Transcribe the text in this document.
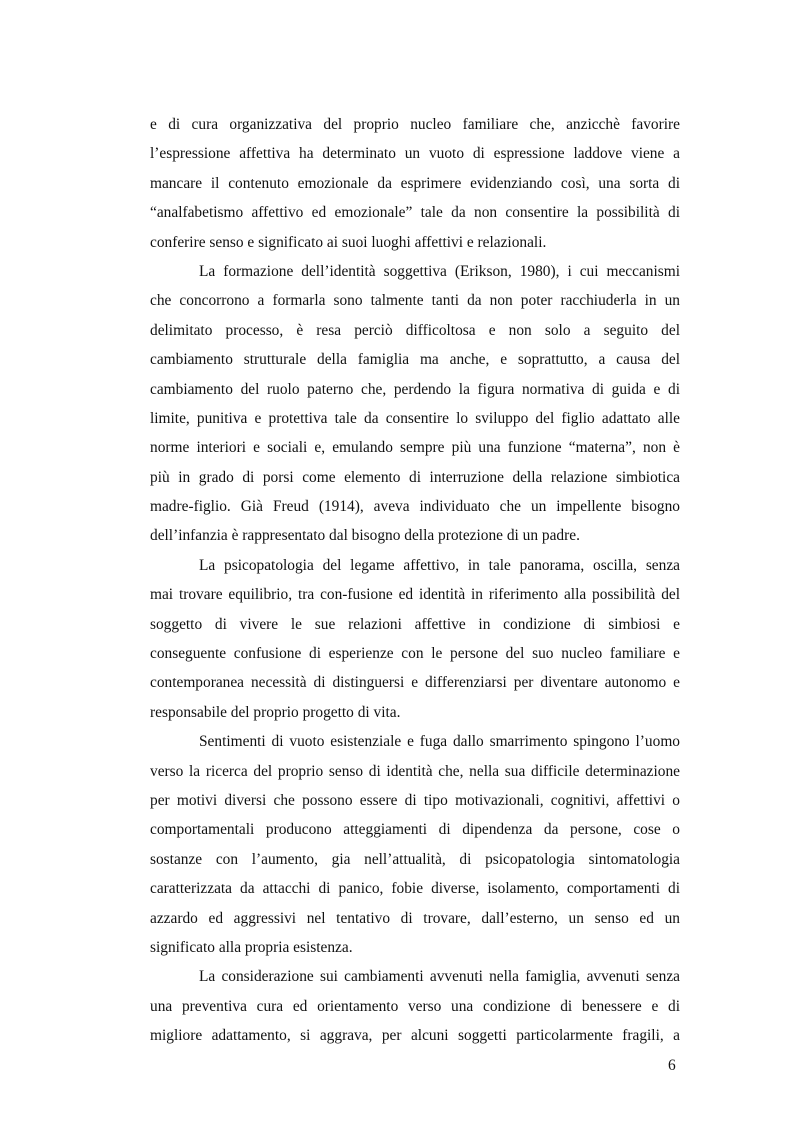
e di cura organizzativa del proprio nucleo familiare che, anzicchè favorire
l’espressione affettiva ha determinato un vuoto di espressione laddove viene a
mancare il contenuto emozionale da esprimere evidenziando così, una sorta di
“analfabetismo affettivo ed emozionale” tale da non consentire la possibilità di
conferire senso e significato ai suoi luoghi affettivi e relazionali.
La formazione dell’identità soggettiva (Erikson, 1980), i cui meccanismi
che concorrono a formarla sono talmente tanti da non poter racchiuderla in un
delimitato processo, è resa perciò difficoltosa e non solo a seguito del
cambiamento strutturale della famiglia ma anche, e soprattutto, a causa del
cambiamento del ruolo paterno che, perdendo la figura normativa di guida e di
limite, punitiva e protettiva tale da consentire lo sviluppo del figlio adattato alle
norme interiori e sociali e, emulando sempre più una funzione “materna”, non è
più in grado di porsi come elemento di interruzione della relazione simbiotica
madre-figlio. Già Freud (1914), aveva individuato che un impellente bisogno
dell’infanzia è rappresentato dal bisogno della protezione di un padre.
La psicopatologia del legame affettivo, in tale panorama, oscilla, senza
mai trovare equilibrio, tra con-fusione ed identità in riferimento alla possibilità del
soggetto di vivere le sue relazioni affettive in condizione di simbiosi e
conseguente confusione di esperienze con le persone del suo nucleo familiare e
contemporanea necessità di distinguersi e differenziarsi per diventare autonomo e
responsabile del proprio progetto di vita.
Sentimenti di vuoto esistenziale e fuga dallo smarrimento spingono l’uomo
verso la ricerca del proprio senso di identità che, nella sua difficile determinazione
per motivi diversi che possono essere di tipo motivazionali, cognitivi, affettivi o
comportamentali producono atteggiamenti di dipendenza da persone, cose o
sostanze con l’aumento, gia nell’attualità, di psicopatologia sintomatologia
caratterizzata da attacchi di panico, fobie diverse, isolamento, comportamenti di
azzardo ed aggressivi nel tentativo di trovare, dall’esterno, un senso ed un
significato alla propria esistenza.
La considerazione sui cambiamenti avvenuti nella famiglia, avvenuti senza
una preventiva cura ed orientamento verso una condizione di benessere e di
migliore adattamento, si aggrava, per alcuni soggetti particolarmente fragili, a
6
